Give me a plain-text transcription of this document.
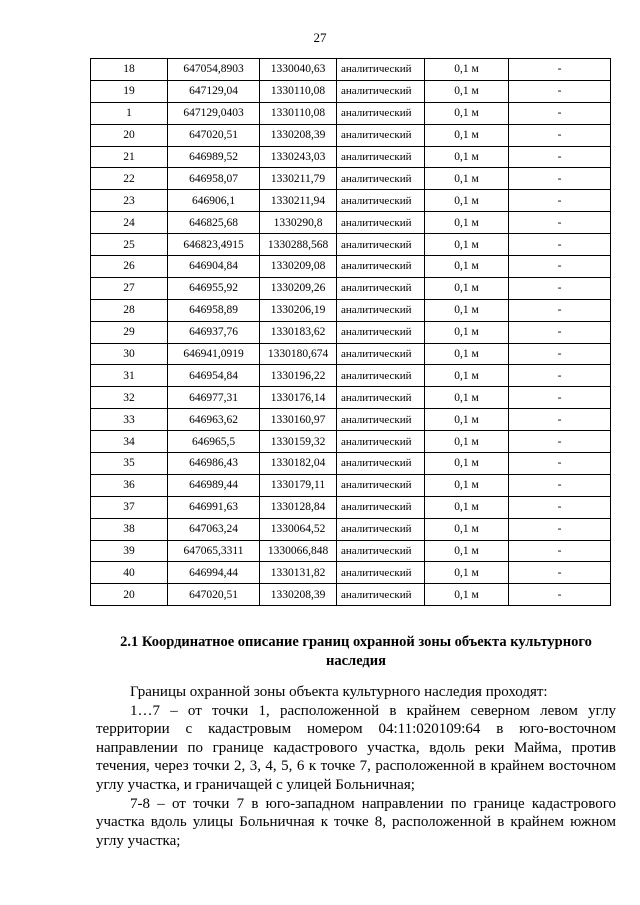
27
18	647054,8903	1330040,63	аналитический	0,1 м	-
19	647129,04	1330110,08	аналитический	0,1 м	-
1	647129,0403	1330110,08	аналитический	0,1 м	-
20	647020,51	1330208,39	аналитический	0,1 м	-
21	646989,52	1330243,03	аналитический	0,1 м	-
22	646958,07	1330211,79	аналитический	0,1 м	-
23	646906,1	1330211,94	аналитический	0,1 м	-
24	646825,68	1330290,8	аналитический	0,1 м	-
25	646823,4915	1330288,568	аналитический	0,1 м	-
26	646904,84	1330209,08	аналитический	0,1 м	-
27	646955,92	1330209,26	аналитический	0,1 м	-
28	646958,89	1330206,19	аналитический	0,1 м	-
29	646937,76	1330183,62	аналитический	0,1 м	-
30	646941,0919	1330180,674	аналитический	0,1 м	-
31	646954,84	1330196,22	аналитический	0,1 м	-
32	646977,31	1330176,14	аналитический	0,1 м	-
33	646963,62	1330160,97	аналитический	0,1 м	-
34	646965,5	1330159,32	аналитический	0,1 м	-
35	646986,43	1330182,04	аналитический	0,1 м	-
36	646989,44	1330179,11	аналитический	0,1 м	-
37	646991,63	1330128,84	аналитический	0,1 м	-
38	647063,24	1330064,52	аналитический	0,1 м	-
39	647065,3311	1330066,848	аналитический	0,1 м	-
40	646994,44	1330131,82	аналитический	0,1 м	-
20	647020,51	1330208,39	аналитический	0,1 м	-
2.1 Координатное описание границ охранной зоны объекта культурного наследия

Границы охранной зоны объекта культурного наследия проходят:

1…7 – от точки 1, расположенной в крайнем северном левом углу территории с кадастровым номером 04:11:020109:64 в юго-восточном направлении по границе кадастрового участка, вдоль реки Майма, против течения, через точки 2, 3, 4, 5, 6 к точке 7, расположенной в крайнем восточном углу участка, и граничащей с улицей Больничная;

7-8 – от точки 7 в юго-западном направлении по границе кадастрового участка вдоль улицы Больничная к точке 8, расположенной в крайнем южном углу участка;
